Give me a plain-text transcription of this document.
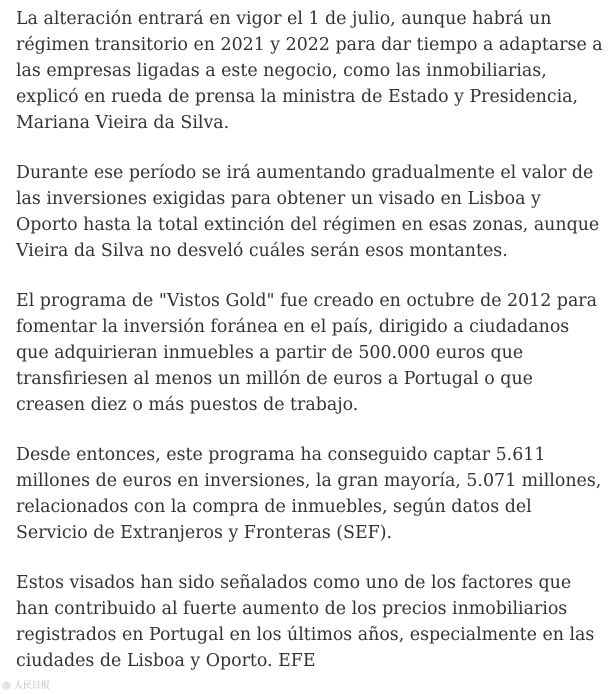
La alteración entrará en vigor el 1 de julio, aunque habrá un régimen transitorio en 2021 y 2022 para dar tiempo a adaptarse a las empresas ligadas a este negocio, como las inmobiliarias, explicó en rueda de prensa la ministra de Estado y Presidencia, Mariana Vieira da Silva.

Durante ese período se irá aumentando gradualmente el valor de las inversiones exigidas para obtener un visado en Lisboa y Oporto hasta la total extinción del régimen en esas zonas, aunque Vieira da Silva no desveló cuáles serán esos montantes.

El programa de "Vistos Gold" fue creado en octubre de 2012 para fomentar la inversión foránea en el país, dirigido a ciudadanos que adquirieran inmuebles a partir de 500.000 euros que transfiriesen al menos un millón de euros a Portugal o que creasen diez o más puestos de trabajo.

Desde entonces, este programa ha conseguido captar 5.611 millones de euros en inversiones, la gran mayoría, 5.071 millones, relacionados con la compra de inmuebles, según datos del Servicio de Extranjeros y Fronteras (SEF).

Estos visados han sido señalados como uno de los factores que han contribuido al fuerte aumento de los precios inmobiliarios registrados en Portugal en los últimos años, especialmente en las ciudades de Lisboa y Oporto. EFE

@ 人民日报
